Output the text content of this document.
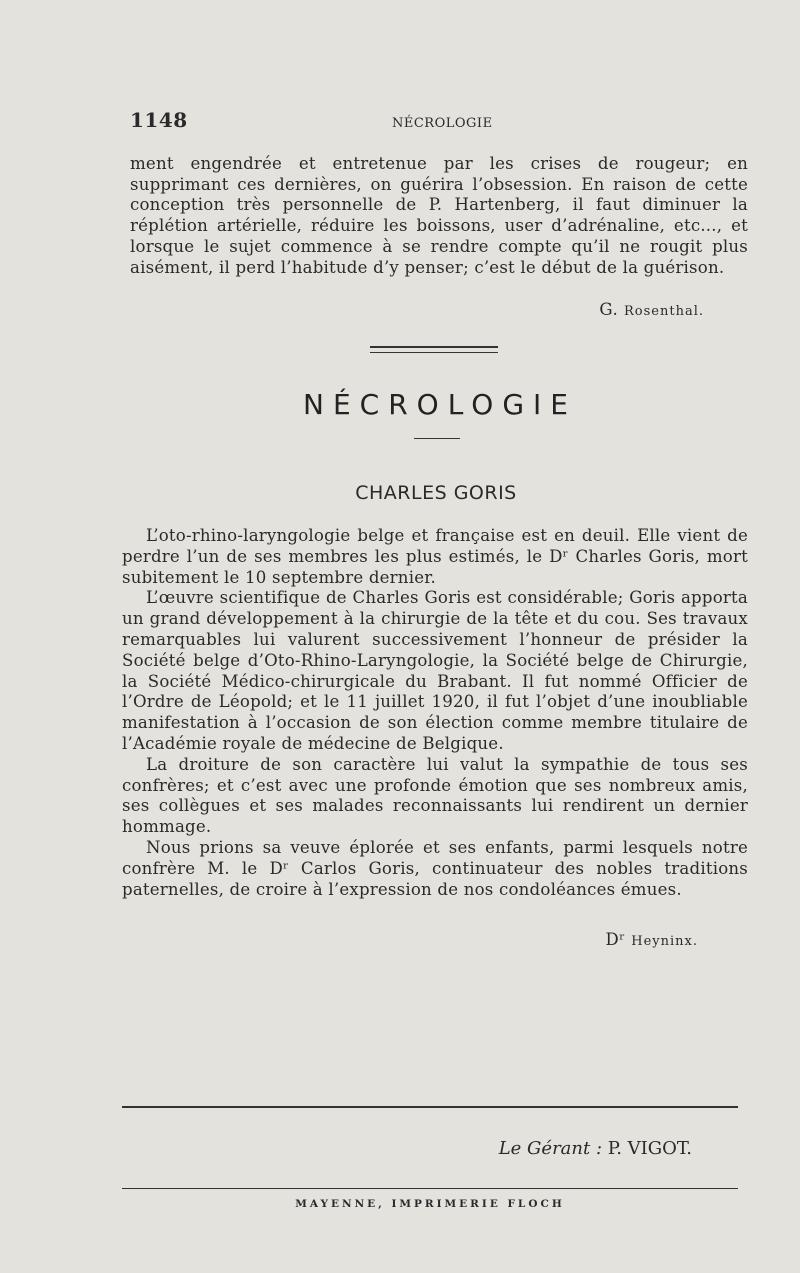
1148	NÉCROLOGIE
ment engendrée et entretenue par les crises de rougeur; en supprimant ces dernières, on guérira l’obsession. En raison de cette conception très personnelle de P. Hartenberg, il faut diminuer la réplétion artérielle, réduire les boissons, user d’adrénaline, etc..., et lorsque le sujet commence à se rendre compte qu’il ne rougit plus aisément, il perd l’habitude d’y penser; c’est le début de la guérison.
G. Rosenthal.
NÉCROLOGIE
CHARLES GORIS

L’oto-rhino-laryngologie belge et française est en deuil. Elle vient de perdre l’un de ses membres les plus estimés, le Dʳ Charles Goris, mort subitement le 10 septembre dernier.

L’œuvre scientifique de Charles Goris est considérable; Goris apporta un grand développement à la chirurgie de la tête et du cou. Ses travaux remarquables lui valurent successivement l’honneur de présider la Société belge d’Oto-Rhino-Laryngologie, la Société belge de Chirurgie, la Société Médico-chirurgicale du Brabant. Il fut nommé Officier de l’Ordre de Léopold; et le 11 juillet 1920, il fut l’objet d’une inoubliable manifestation à l’occasion de son élection comme membre titulaire de l’Académie royale de médecine de Belgique.

La droiture de son caractère lui valut la sympathie de tous ses confrères; et c’est avec une profonde émotion que ses nombreux amis, ses collègues et ses malades reconnaissants lui rendirent un dernier hommage.

Nous prions sa veuve éplorée et ses enfants, parmi lesquels notre confrère M. le Dʳ Carlos Goris, continuateur des nobles traditions paternelles, de croire à l’expression de nos condoléances émues.

Dʳ Heyninx.
Le Gérant : P. VIGOT.
MAYENNE, IMPRIMERIE FLOCH
